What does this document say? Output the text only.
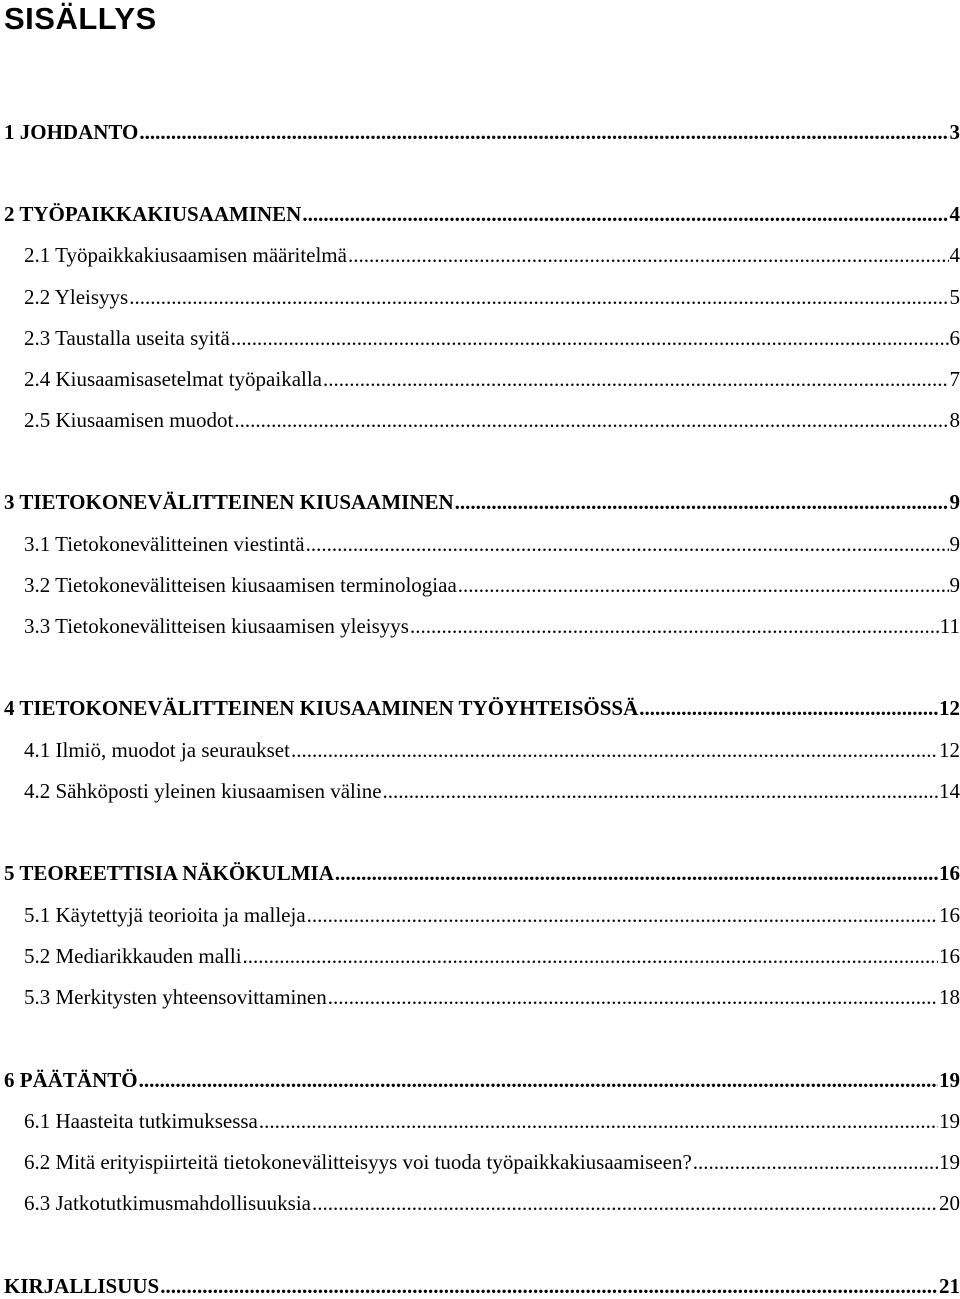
SISÄLLYS
1 JOHDANTO .....	3
2 TYÖPAIKKAKIUSAAMINEN .....	4
2.1 Työpaikkakiusaamisen määritelmä .....	4
2.2 Yleisyys .....	5
2.3 Taustalla useita syitä .....	6
2.4 Kiusaamisasetelmat työpaikalla .....	7
2.5 Kiusaamisen muodot .....	8
3 TIETOKONEVÄLITTEINEN KIUSAAMINEN .....	9
3.1 Tietokonevälitteinen viestintä .....	9
3.2 Tietokonevälitteisen kiusaamisen terminologiaa .....	9
3.3 Tietokonevälitteisen kiusaamisen yleisyys .....	11
4 TIETOKONEVÄLITTEINEN KIUSAAMINEN TYÖYHTEISÖSSÄ .....	12
4.1 Ilmiö, muodot ja seuraukset .....	12
4.2 Sähköposti yleinen kiusaamisen väline .....	14
5 TEOREETTISIA NÄKÖKULMIA .....	16
5.1 Käytettyjä teorioita ja malleja .....	16
5.2 Mediarikkauden malli .....	16
5.3 Merkitysten yhteensovittaminen .....	18
6 PÄÄTÄNTÖ .....	19
6.1 Haasteita tutkimuksessa .....	19
6.2 Mitä erityispiirteitä tietokonevälitteisyys voi tuoda työpaikkakiusaamiseen? .....	19
6.3 Jatkotutkimusmahdollisuuksia .....	20
KIRJALLISUUS .....	21
